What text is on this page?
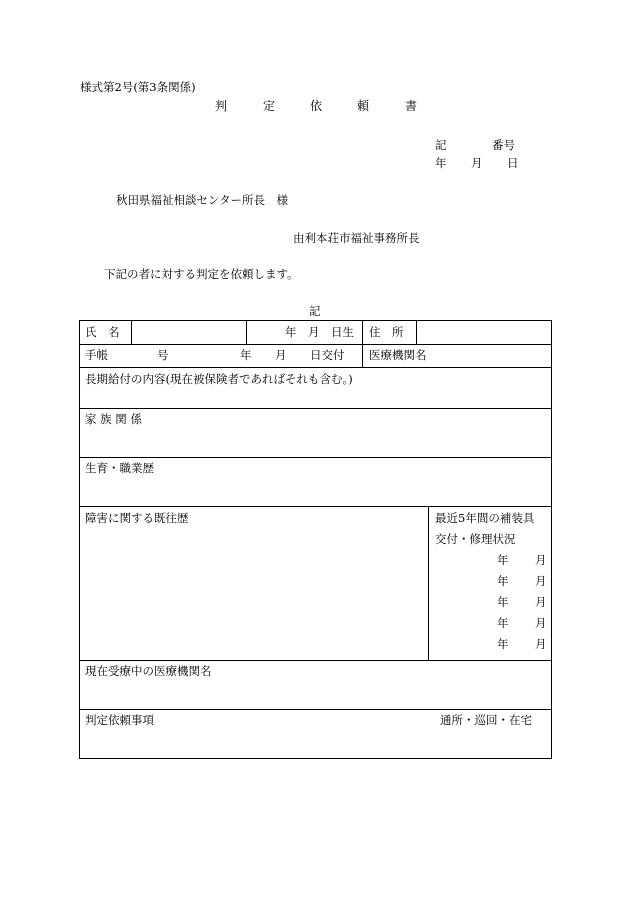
様式第2号(第3条関係)
判	定	依	頼	書
記	番号
年 月 日
秋田県福祉相談センター所長　様
由利本荘市福祉事務所長
下記の者に対する判定を依頼します。
記
氏　名	年　月　日生 住　所
手帳	号	年 月 日交付 医療機関名
長期給付の内容(現在被保険者であればそれも含む。)
家 族 関 係
生育・職業歴
障害に関する既往歴	最近5年間の補装具
交付・修理状況
年 月
年 月
年 月
年 月
年 月
現在受療中の医療機関名
判定依頼事項	通所・巡回・在宅
